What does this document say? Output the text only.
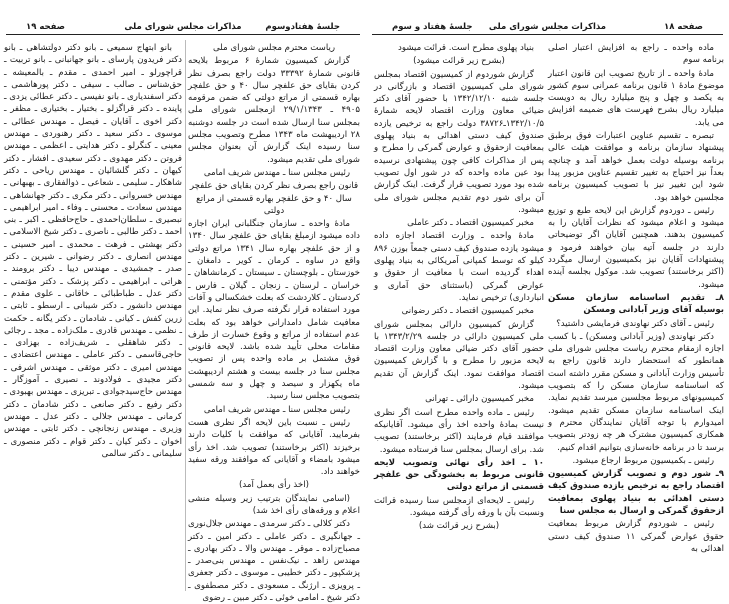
جلسهٔ هفتادوسوم
مذاکرات مجلس شورای ملی
صفحه ۱۹

ریاست محترم مجلس شورای ملی

گزارش کمیسیون شمارهٔ ۶ مربوط بلایحه قانونی شمارهٔ ۳۳۳۹۲ دولت راجع بصرف نظر کردن بقایای حق علفچر سال ۴۰ و حق علفچر بهاره قسمتی از مراتع دولتی که ضمن مرقومه ۴۹۰۵ ـ ۲۹/۱/۱۳۴۳ ازمجلس شورای ملی بمجلس سنا ارسال شده است در جلسه دوشنبه ۲۸ اردیبهشت ماه ۱۳۴۳ مطرح وتصویب مجلس سنا رسیده اینک گزارش آن بعنوان مجلس شورای ملی تقدیم میشود.

رئیس مجلس سنا ـ مهندس شریف امامی

قانون راجع بصرف نظر کردن بقایای حق علفچر سال ۴۰ و حق علفچر بهاره قسمتی از مراتع دولتی

مادهٔ واحده ـ سازمان جنگلبانی ایران اجازه داده میشود ازمبلغ بقایای حق علفچر سال ۱۳۴۰ و از حق علفچر بهاره سال ۱۳۴۱ مراتع دولتی واقع در ساوه ـ کرمان ـ کویر ـ دامغان ـ خوزستان ـ بلوچستان ـ سیستان ـ کرمانشاهان ـ خراسان ـ لرستان ـ زنجان ـ گیلان ـ فارس ـ کردستان ـ کلاردشت که بعلت خشکسالی و آفات مورد استفاده قرار نگرفته صرف نظر نماید. این معافیت شامل دامدارانی خواهد بود که بعلت عدم استفاده از مراتع و وقوع خسارت از طرف مقامات محلی تأیید شده باشد. لایحه قانونی فوق مشتمل بر ماده واحده پس از تصویب مجلس سنا در جلسه بیست و هشتم اردیبهشت ماه یکهزار و سیصد و چهل و سه شمسی بتصویب مجلس سنا رسید.

رئیس مجلس سنا ـ مهندس شریف امامی

رئیس ـ نسبت باین لایحه اگر نظری هست بفرمایید. آقایانی که موافقت با کلیات دارند برخیزند (اکثر برخاستند) تصویب شد. اخذ رأی میشود بامضاء و آقایانی که موافقند ورقه سفید خواهند داد.

(اخذ رأی بعمل آمد)

(اسامی نمایندگان بترتیب زیر وسیله منشی اعلام و ورقه‌های رأی اخذ شد)

دکتر کلالی ـ دکتر سرمدی ـ مهندس جلال‌نوری ـ جهانگیری ـ دکتر عاملی ـ دکتر امین ـ دکتر مصباح‌زاده ـ موقر ـ مهندس والا ـ دکتر بهادری ـ مهندس زاهد ـ نیک‌نفس ـ مهندس بنی‌صدر ـ پزشکپور ـ دکتر خطیبی ـ موسوی ـ دکتر جعفری ـ پرویزی ـ ارژنگ ـ مسعودی ـ دکتر مصطفوی ـ دکتر شیخ ـ امامی خوئی ـ دکتر مبین ـ رضوی

بانو ابتهاج سمیعی ـ بانو دکتر دولتشاهی ـ بانو دکتر فریدون پارسای ـ بانو جهانبانی ـ بانو تربیت ـ قراچورلو ـ امیر احمدی ـ مقدم ـ بالمعیشه ـ حق‌شناس ـ صالب ـ سیفی ـ دکتر پورهاشمی ـ دکتر اسفندیاری ـ بانو نفیسی ـ دکتر عطائی یزدی ـ پاینده ـ دکتر قراگزلو ـ بختیار ـ بختیاری ـ مظفر ـ دکتر اخوی ـ آقایان ـ فیصل ـ مهندس عطائی ـ موسوی ـ دکتر سعید ـ دکتر رهنوردی ـ مهندس معینی ـ کنگرلو ـ دکتر هدایتی ـ اعظمی ـ مهندس فروتن ـ دکتر مهدوی ـ دکتر سعیدی ـ افشار ـ دکتر کیهان ـ دکتر گلشائیان ـ مهندس ریاحی ـ دکتر شاهکار ـ سلیمی ـ شعاعی ـ ذوالفقاری ـ بهبهانی ـ مهندس خسروانی ـ دکتر مکری ـ دکتر جهانشاهی ـ مهندس سعادت ـ محسنی ـ وفاء ـ امیر ابراهیمی ـ نبصیری ـ سلطان‌احمدی ـ حاج‌حافظی ـ اکبر ـ بنی احمد ـ دکتر طالبی ـ ناصری ـ دکتر شیخ الاسلامی ـ دکتر بهشتی ـ فرهت ـ محمدی ـ امیر حسینی ـ مهندس انصاری ـ دکتر رضوانی ـ شیرین ـ دکتر صدر ـ جمشیدی ـ مهندس دیبا ـ دکتر برومند ـ هراتی ـ ابراهیمی ـ دکتر پزشک ـ دکتر مؤتمنی ـ دکتر عدل ـ طباطبائی ـ خاقانی ـ علوی مقدم ـ مهندس دانشور ـ دکتر شیبانی ـ ارسطو ـ ثابتی ـ زرین کفش ـ کیانی ـ شادمان ـ دکتر یگانه ـ حکمت ـ نظمی ـ مهندس قادری ـ ملک‌زاده ـ مجد ـ رجائی ـ دکتر شاهقلی ـ شریف‌زاده ـ بهزادی ـ حاجی‌قاسمی ـ دکتر عاملی ـ مهندس اعتضادی ـ مهندس امیری ـ دکتر موثقی ـ مهندس اشرفی ـ دکتر مجیدی ـ فولادوند ـ نصیری ـ آموزگار ـ مهندس حاج‌سیدجوادی ـ تبریزی ـ مهندس بهبودی ـ دکتر رفیع ـ دکتر صانعی ـ دکتر شادمان ـ دکتر کرمانی ـ مهندس جلالی ـ دکتر عدل ـ مهندس وزیری ـ مهندس زنجانچی ـ دکتر ثابتی ـ مهندس اخوان ـ دکتر کیان ـ دکتر قوام ـ دکتر منصوری ـ سلیمانی ـ دکتر سالمی

صفحه ۱۸
مذاکرات مجلس شورای ملی
جلسهٔ هفتاد و سوم

ماده واحده ـ راجع به افزایش اعتبار اصلی برنامه سوم

مادهٔ واحده ـ از تاریخ تصویب این قانون اعتبار موضوع مادهٔ ۱ قانون برنامه عمرانی سوم کشور به یکصد و چهل و پنج میلیارد ریال به دویست میلیارد ریال بشرح فهرست های ضمیمه افزایش می یابد.

تبصره ـ تقسیم عناوین اعتبارات فوق برطبق پیشنهاد سازمان برنامه و موافقت هیئت عالی برنامه بوسیله دولت بعمل خواهد آمد و چنانچه بعداً نیز احتیاج به تغییر تقسیم عناوین مزبور پیدا شود این تغییر نیز با تصویب کمیسیون برنامه مجلسین خواهد بود.

رئیس ـ دوردوم گزارش این لایحه طبع و توزیع میشود و اعلام میشود که نظرات آقایان را به کمیسیون بدهند. همچنین آقایان اگر توضیحاتی دارند در جلسه آتیه بیان خواهند فرمود و پیشنهادات آقایان نیز بکمیسیون ارسال میگردد (اکثر برخاستند) تصویب شد. موکول بجلسه آینده میشود.

۸ـ تقدیم اساسنامه سازمان مسکن بوسیله آقای وزیر آبادانی ومسکن

رئیس ـ آقای دکتر نهاوندی فرمایشی داشتید؟

دکتر نهاوندی (وزیر آبادانی ومسکن) ـ با کسب اجازه ازمقام محترم ریاست مجلس شورای ملی همانطور که استحضار دارند قانون راجع به تأسیس وزارت آبادانی و مسکن مقرر داشته است که اساسنامه سازمان مسکن را که بتصویب کمیسیونهای مربوط مجلسین میرسد تقدیم نماید. اینک اساسنامه سازمان مسکن تقدیم میشود. امیدوارم با توجه آقایان نمایندگان محترم و همکاری کمیسیون مشترک هر چه زودتر بتصویب برسد تا در برنامه خانه‌سازی بتوانیم اقدام کنیم.

رئیس ـ بکمیسیون مربوط ارجاع میشود.

۹ـ شور دوم و تصویب گزارش کمیسیون اقتصاد راجع به ترخیص یازده صندوق کیف دستی اهدائی به بنیاد پهلوی بمعافیت ازحقوق گمرکی و ارسال به مجلس سنا

رئیس ـ شوردوم گزارش مربوط بمعافیت حقوق عوارض گمرکی ۱۱ صندوق کیف دستی اهدائی به

بنیاد پهلوی مطرح است. قرائت میشود

(بشرح زیر قرائت میشود)

گزارش شوردوم از کمیسیون اقتصاد بمجلس شورای ملی کمیسیون اقتصاد و بازرگانی در جلسه شنبه ۱۳۴۲/۱۲/۱۰ با حضور آقای دکتر ضیائی معاون وزارت اقتصاد لایحه شمارهٔ ۱۳۴۲/۱۰/۵ـ۳۸۷۲۶ دولت راجع به ترخیص یازده صندوق کیف دستی اهدائی به بنیاد پهلوی بمعافیت ازحقوق و عوارض گمرکی را مطرح و پس از مذاکرات کافی چون پیشنهادی نرسیده بود عین ماده واحده که در شور اول تصویب شده بود مورد تصویب قرار گرفت. اینک گزارش آن برای شور دوم تقدیم مجلس شورای ملی میشود.

مخبر کمیسیون اقتصاد ـ دکتر عاملی

مادهٔ واحده ـ وزارت اقتصاد اجازه داده میشود یازده صندوق کیف دستی جمعاً بوزن ۸۹۶ کیلو که توسط کمپانی آمریکائی به بنیاد پهلوی اهداء گردیده است با معافیت از حقوق و عوارض گمرکی (باستثنای حق آماری و انبارداری) ترخیص نماید.

مخبر کمیسیون اقتصاد ـ دکتر رضوانی

گزارش کمیسیون دارائی بمجلس شورای ملی کمیسیون دارائی در جلسه ۱۳۴۳/۲/۲۹ با حضور آقای دکتر ضیائی معاون وزارت اقتصاد لایحه مزبور را مطرح و با گزارش کمیسیون اقتصاد موافقت نمود. اینک گزارش آن تقدیم میشود.

مخبر کمیسیون دارائی ـ تهرانی

رئیس ـ ماده واحده مطرح است اگر نظری نیست بمادهٔ واحده اخذ رأی میشود. آقایانیکه موافقند قیام فرمایند (اکثر برخاستند) تصویب شد. برای ارسال بمجلس سنا فرستاده میشود.

۱۰ ـ اخذ رأی نهائی وتصویب لایحه قانونی مربوط به بخشودگی حق علفچر قسمتی از مراتع دولتی

رئیس ـ لایحه‌ای ازمجلس سنا رسیده قرائت ونسبت بآن با ورقه رأی گرفته میشود.

(بشرح زیر قرائت شد)
